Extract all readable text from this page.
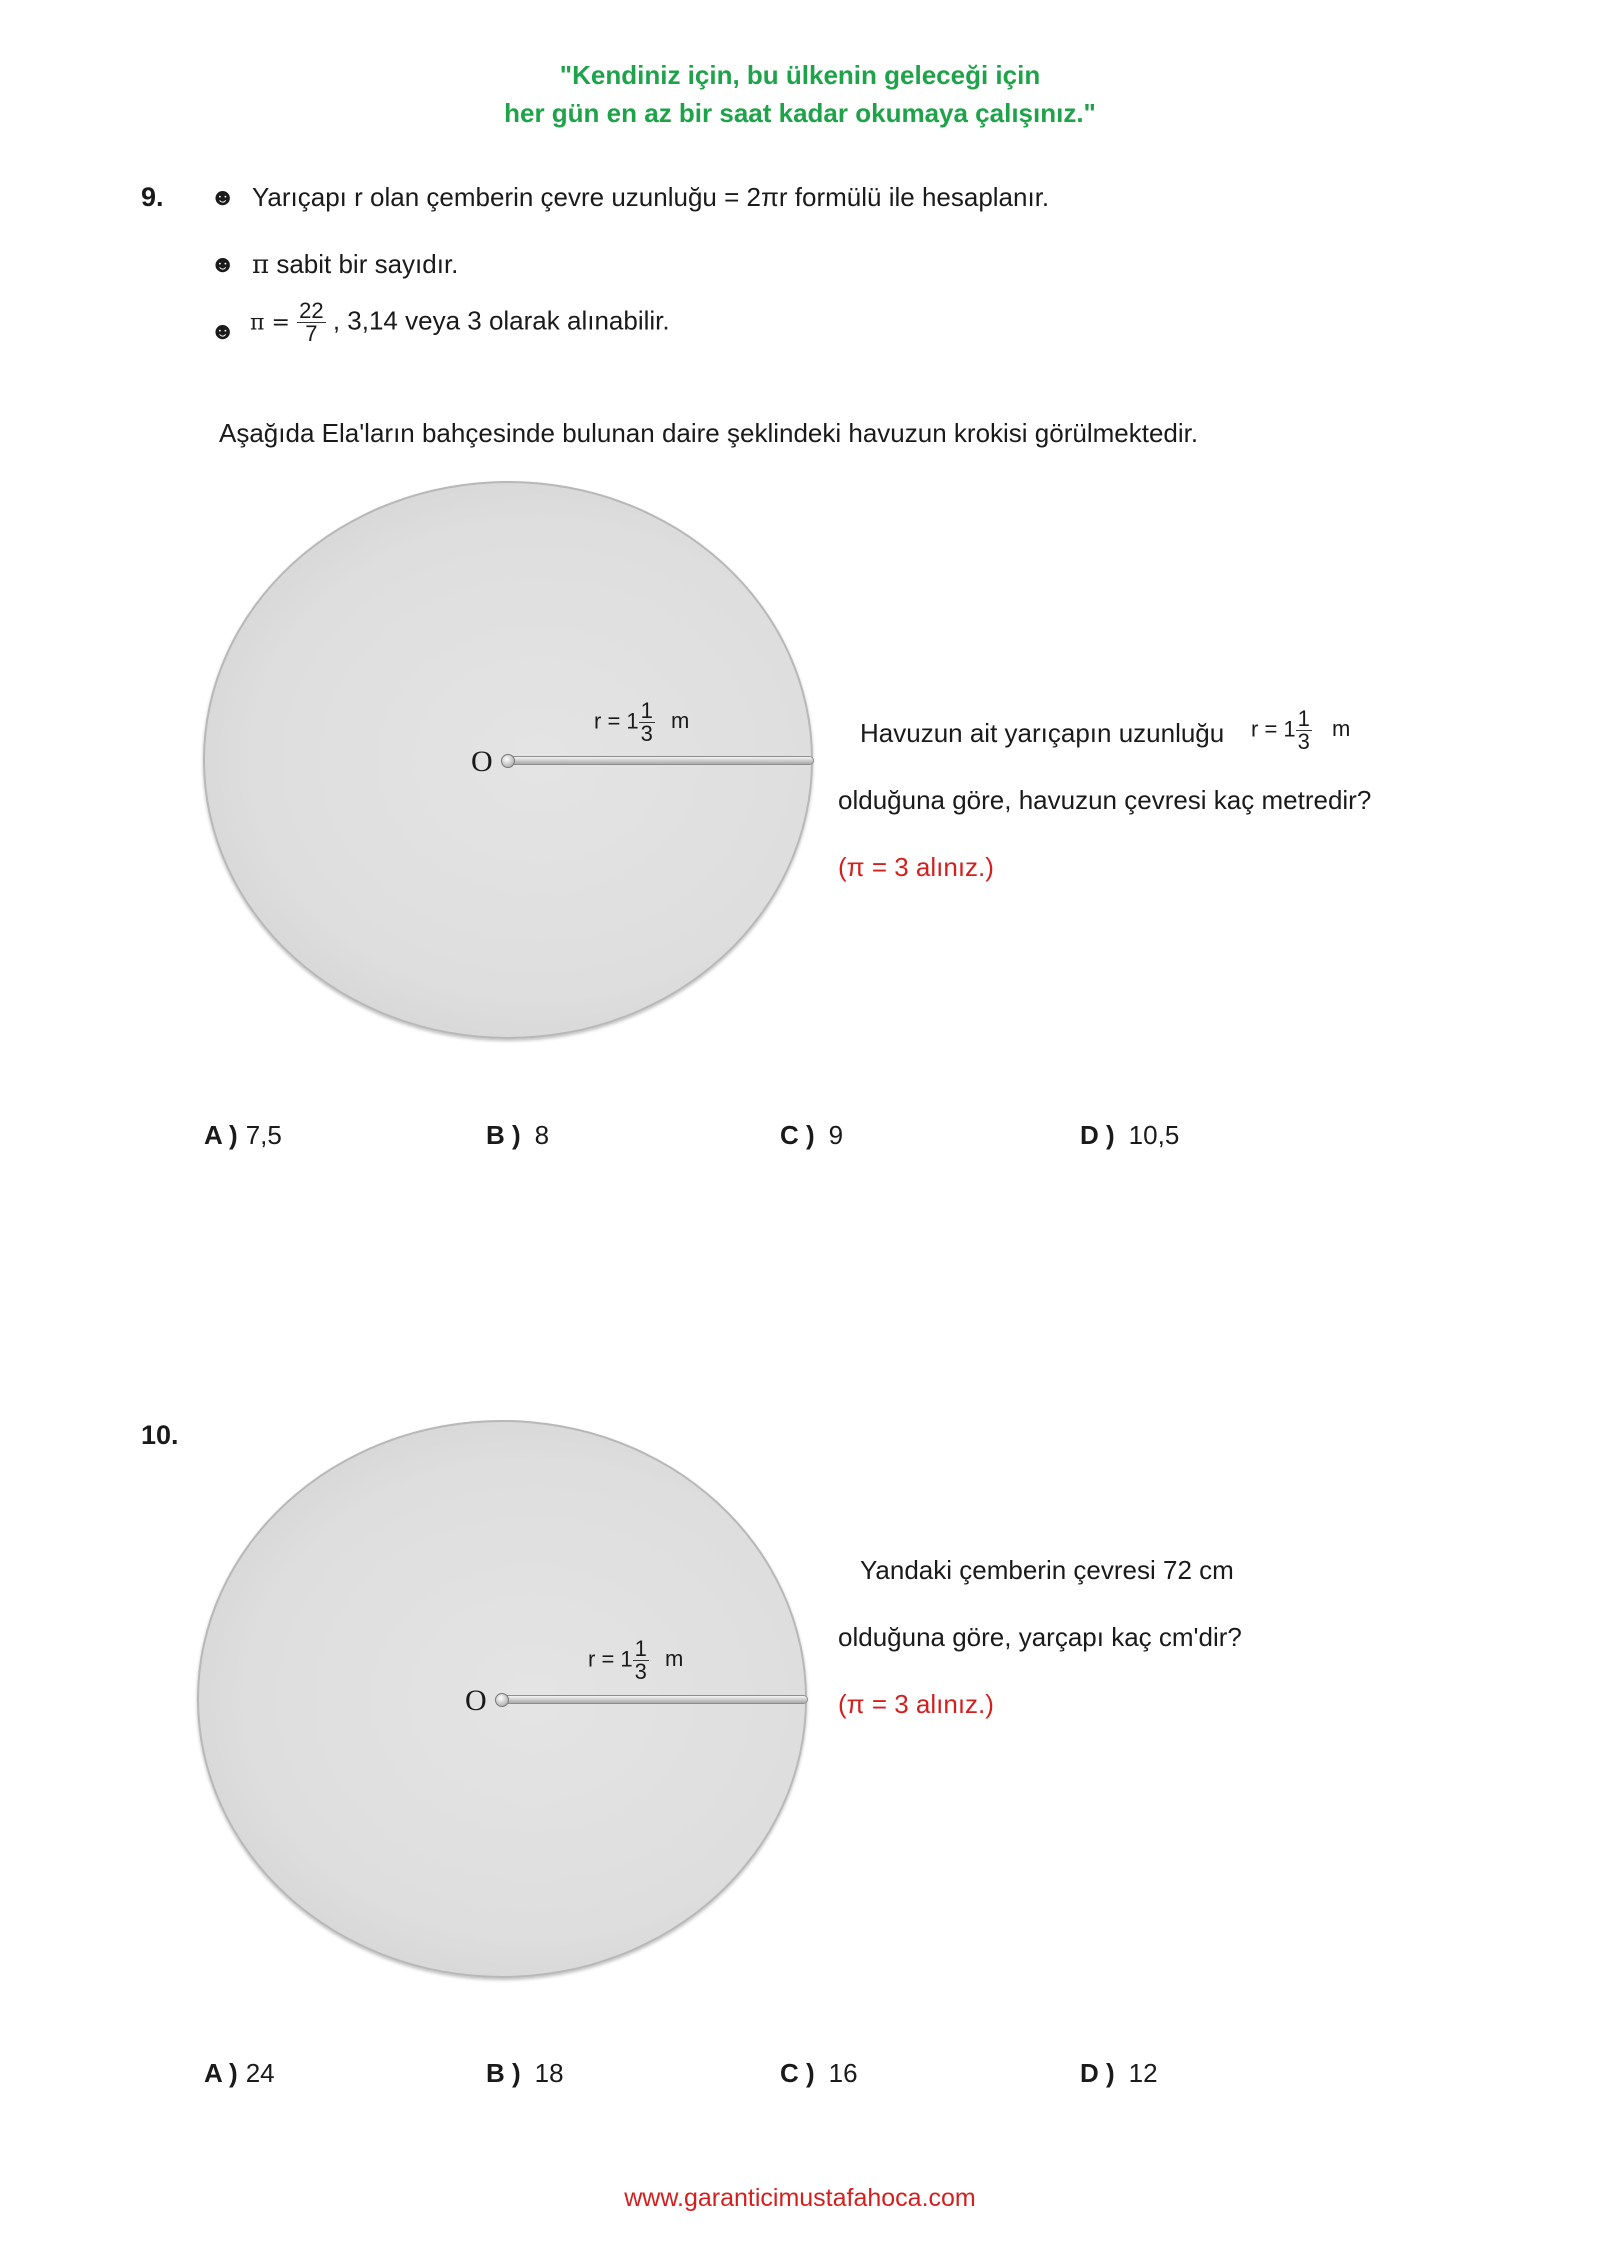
"Kendiniz için, bu ülkenin geleceği için
her gün en az bir saat kadar okumaya çalışınız."
9. ☻ Yarıçapı r olan çemberin çevre uzunluğu = 2πr formülü ile hesaplanır.
☻ π sabit bir sayıdır.
☻ $\pi = \frac{22}{7}$ , 3,14 veya 3 olarak alınabilir.
Aşağıda Ela'ların bahçesinde bulunan daire şeklindeki havuzun krokisi görülmektedir.
O
$r = 1 \frac{1}{3}$ m	Havuzun ait yarıçapın uzunluğu $r = 1 \frac{1}{3}$ m
olduğuna göre, havuzun çevresi kaç metredir?
(π = 3 alınız.)
A ) 7,5	B ) 8	C ) 9	D ) 10,5
10.
O
$r = 1 \frac{1}{3}$ m
Yandaki çemberin çevresi 72 cm
olduğuna göre, yarçapı kaç cm'dir?
(π = 3 alınız.)
A ) 24	B ) 18	C ) 16	D ) 12
www.garanticimustafahoca.com
